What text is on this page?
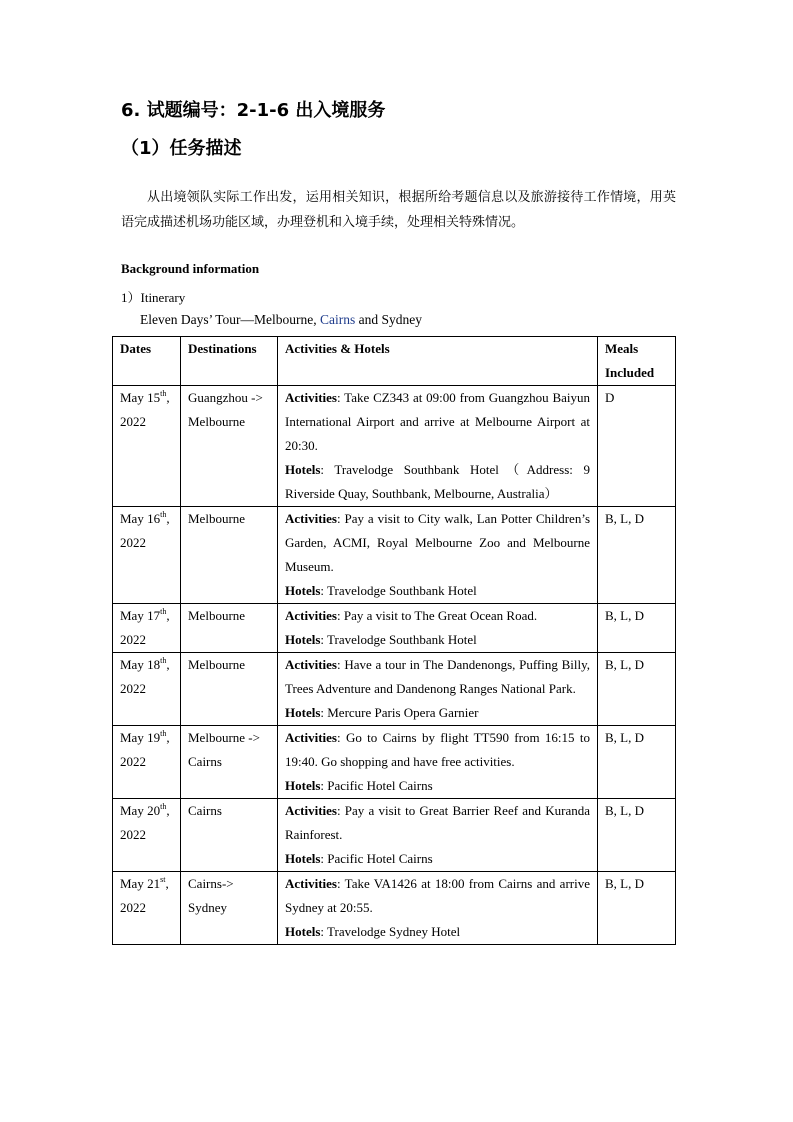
6. 试题编号：2-1-6 出入境服务
（1）任务描述
从出境领队实际工作出发，运用相关知识，根据所给考题信息以及旅游接待工作情境，用英语完成描述机场功能区域，办理登机和入境手续，处理相关特殊情况。
Background information
1）Itinerary
Eleven Days’ Tour—Melbourne, Cairns and Sydney
Dates	Destinations	Activities & Hotels	Meals Included
May 15th, 2022	Guangzhou -> Melbourne	Activities: Take CZ343 at 09:00 from Guangzhou Baiyun International Airport and arrive at Melbourne Airport at 20:30.
Hotels: Travelodge Southbank Hotel（Address: 9 Riverside Quay, Southbank, Melbourne, Australia）	D
May 16th, 2022	Melbourne	Activities: Pay a visit to City walk, Lan Potter Children’s Garden, ACMI, Royal Melbourne Zoo and Melbourne Museum.
Hotels: Travelodge Southbank Hotel	B, L, D
May 17th, 2022	Melbourne	Activities: Pay a visit to The Great Ocean Road.
Hotels: Travelodge Southbank Hotel	B, L, D
May 18th, 2022	Melbourne	Activities: Have a tour in The Dandenongs, Puffing Billy, Trees Adventure and Dandenong Ranges National Park.
Hotels: Mercure Paris Opera Garnier	B, L, D
May 19th, 2022	Melbourne -> Cairns	Activities: Go to Cairns by flight TT590 from 16:15 to 19:40. Go shopping and have free activities.
Hotels: Pacific Hotel Cairns	B, L, D
May 20th, 2022	Cairns	Activities: Pay a visit to Great Barrier Reef and Kuranda Rainforest.
Hotels: Pacific Hotel Cairns	B, L, D
May 21st, 2022	Cairns-> Sydney	Activities: Take VA1426 at 18:00 from Cairns and arrive Sydney at 20:55.
Hotels: Travelodge Sydney Hotel	B, L, D
